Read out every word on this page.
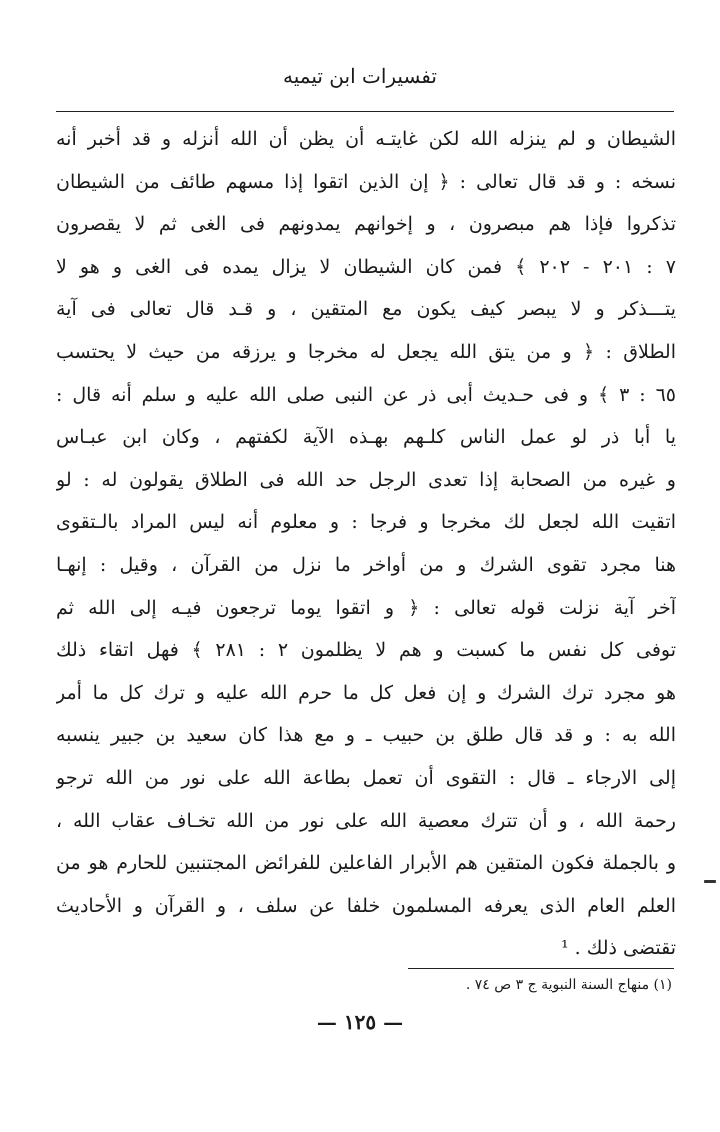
تفسيرات ابن تيميه
الشيطان و لم ينزله الله لكن غايتـه أن يظن أن الله أنزله و قد أخبر أنه
نسخه : و قد قال تعالى : ﴿ إن الذين اتقوا إذا مسهم طائف من الشيطان
تذكروا فإذا هم مبصرون ، و إخوانهم يمدونهم فى الغى ثم لا يقصرون
٧ : ٢٠١ - ٢٠٢ ﴾ فمن كان الشيطان لا يزال يمده فى الغى و هو لا
يتـــذكر و لا يبصر كيف يكون مع المتقين ، و قـد قال تعالى فى آية
الطلاق : ﴿ و من يتق الله يجعل له مخرجا و يرزقه من حيث لا يحتسب
٦٥ : ٣ ﴾ و فى حـديث أبى ذر عن النبى صلى الله عليه و سلم أنه قال :
يا أبا ذر لو عمل الناس كلـهم بهـذه الآية لكفتهم ، وكان ابن عبـاس
و غيره من الصحابة إذا تعدى الرجل حد الله فى الطلاق يقولون له : لو
اتقيت الله لجعل لك مخرجا و فرجا : و معلوم أنه ليس المراد بالـتقوى
هنا مجرد تقوى الشرك و من أواخر ما نزل من القرآن ، وقيل : إنهـا
آخر آية نزلت قوله تعالى : ﴿ و اتقوا يوما ترجعون فيـه إلى الله ثم
توفى كل نفس ما كسبت و هم لا يظلمون ٢ : ٢٨١ ﴾ فهل اتقاء ذلك
هو مجرد ترك الشرك و إن فعل كل ما حرم الله عليه و ترك كل ما أمر
الله به : و قد قال طلق بن حبيب ـ و مع هذا كان سعيد بن جبير ينسبه
إلى الارجاء ـ قال : التقوى أن تعمل بطاعة الله على نور من الله ترجو
رحمة الله ، و أن تترك معصية الله على نور من الله تخـاف عقاب الله ،
و بالجملة فكون المتقين هم الأبرار الفاعلين للفرائض المجتنبين للحارم هو من
العلم العام الذى يعرفه المسلمون خلفا عن سلف ، و القرآن و الأحاديث
تقتضى ذلك . ¹
(١) منهاج السنة النبوية ج ٣ ص ٧٤ .
— ١٢٥ —
